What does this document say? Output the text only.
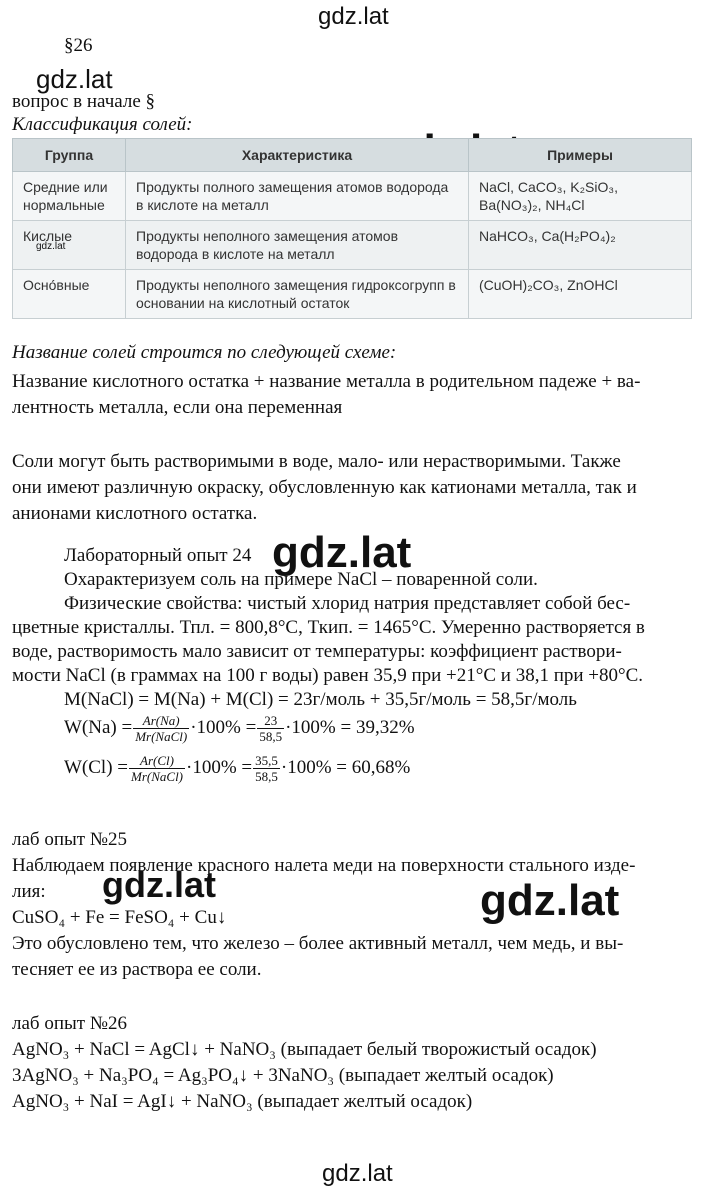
gdz.lat
gdz.lat
gdz.lat
gdz.lat
gdz.lat	gdz.lat
gdz.lat
§26
вопрос в начале §
Классификация солей:
Группа	Характеристика	Примеры
Средние или нормальные	Продукты полного замещения атомов водорода в кислоте на металл	NaCl, CaCO₃, K₂SiO₃, Ba(NO₃)₂, NH₄Cl
Кислые	Продукты неполного замещения атомов водорода в кислоте на металл	NaHCO₃, Ca(H₂PO₄)₂
Осно́вные	Продукты неполного замещения гидроксогрупп в основании на кислотный остаток	(CuOH)₂CO₃, ZnOHCl
Название солей строится по следующей схеме:
Название кислотного остатка + название металла в родительном падеже + ва-
лентность металла, если она переменная
Соли могут быть растворимыми в воде, мало- или нерастворимыми. Также
они имеют различную окраску, обусловленную как катионами металла, так и
анионами кислотного остатка.
Лабораторный опыт 24
Охарактеризуем соль на примере NaCl – поваренной соли.
Физические свойства: чистый хлорид натрия представляет собой бес-
цветные кристаллы. Тпл. = 800,8°C, Ткип. = 1465°C. Умеренно растворяется в
воде, растворимость мало зависит от температуры: коэффициент раствори-
мости NaCl (в граммах на 100 г воды) равен 35,9 при +21°C и 38,1 при +80°C.
M(NaCl) = M(Na) + M(Cl) = 23г/моль + 35,5г/моль = 58,5г/моль
$W(Na) = \frac{Ar(Na)}{\text{Mr(NaCl)}} \cdot 100\% = \frac{23}{58,5} \cdot 100\% = 39,32\%$
$W(Cl) = \frac{Ar(Cl)}{\text{Mr(NaCl)}} \cdot 100\% = \frac{35,5}{58,5} \cdot 100\% = 60,68\%$
лаб опыт №25
Наблюдаем появление красного налета меди на поверхности стального изде-
лия:
CuSO₄ + Fe = FeSO₄ + Cu↓
Это обусловлено тем, что железо – более активный металл, чем медь, и вы-
тесняет ее из раствора ее соли.
лаб опыт №26
AgNO₃ + NaCl = AgCl↓ + NaNO₃ (выпадает белый творожистый осадок)
3AgNO₃ + Na₃PO₄ = Ag₃PO₄↓ + 3NaNO₃ (выпадает желтый осадок)
AgNO₃ + NaI = AgI↓ + NaNO₃ (выпадает желтый осадок)
